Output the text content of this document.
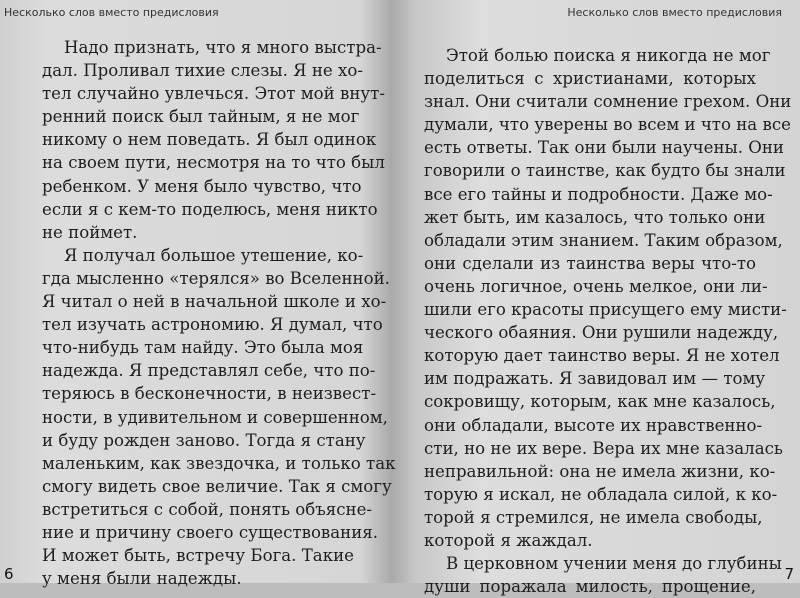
Несколько слов вместо предисловия
Надо признать, что я много выстра-
дал. Проливал тихие слезы. Я не хо-
тел случайно увлечься. Этот мой внут-
ренний поиск был тайным, я не мог
никому о нем поведать. Я был одинок
на своем пути, несмотря на то что был
ребенком. У меня было чувство, что
если я с кем-то поделюсь, меня никто
не поймет.
Я получал большое утешение, ко-
гда мысленно «терялся» во Вселенной.
Я читал о ней в начальной школе и хо-
тел изучать астрономию. Я думал, что
что-нибудь там найду. Это была моя
надежда. Я представлял себе, что по-
теряюсь в бесконечности, в неизвест-
ности, в удивительном и совершенном,
и буду рожден заново. Тогда я стану
маленьким, как звездочка, и только так
смогу видеть свое величие. Так я смогу
встретиться с собой, понять объясне-
ние и причину своего существования.
И может быть, встречу Бога. Такие
у меня были надежды.
6
Несколько слов вместо предисловия
Этой болью поиска я никогда не мог
поделиться с христианами, которых
знал. Они считали сомнение грехом. Они
думали, что уверены во всем и что на все
есть ответы. Так они были научены. Они
говорили о таинстве, как будто бы знали
все его тайны и подробности. Даже мо-
жет быть, им казалось, что только они
обладали этим знанием. Таким образом,
они сделали из таинства веры что-то
очень логичное, очень мелкое, они ли-
шили его красоты присущего ему мисти-
ческого обаяния. Они рушили надежду,
которую дает таинство веры. Я не хотел
им подражать. Я завидовал им — тому
сокровищу, которым, как мне казалось,
они обладали, высоте их нравственно-
сти, но не их вере. Вера их мне казалась
неправильной: она не имела жизни, ко-
торую я искал, не обладала силой, к ко-
торой я стремился, не имела свободы,
которой я жаждал.
В церковном учении меня до глубины
души поражала милость, прощение,
7
